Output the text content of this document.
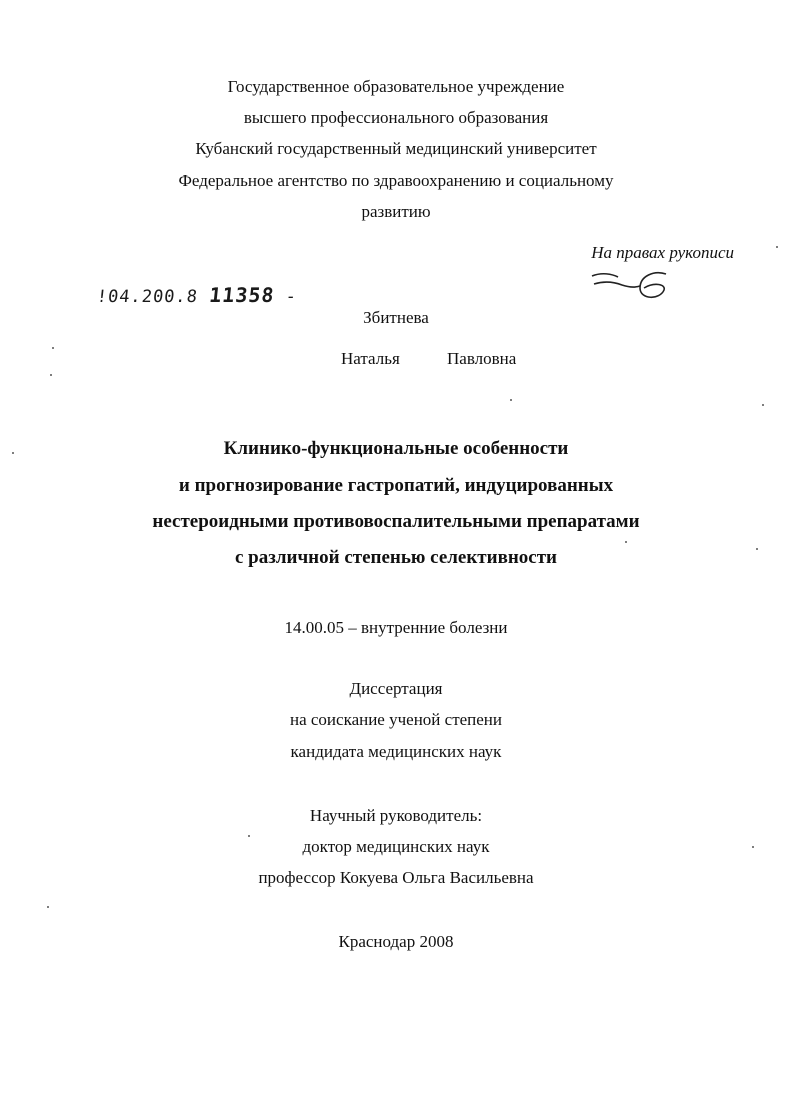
Государственное образовательное учреждение
высшего профессионального образования
Кубанский государственный медицинский университет
Федеральное агентство по здравоохранению и социальному
развитию
На правах рукописи
!04.200.8 11358 -
Збитнева
Наталья	Павловна
Клинико-функциональные особенности
и прогнозирование гастропатий, индуцированных
нестероидными противовоспалительными препаратами
с различной степенью селективности
14.00.05 – внутренние болезни
Диссертация
на соискание ученой степени
кандидата медицинских наук
Научный руководитель:
доктор медицинских наук
профессор Кокуева Ольга Васильевна
Краснодар 2008
